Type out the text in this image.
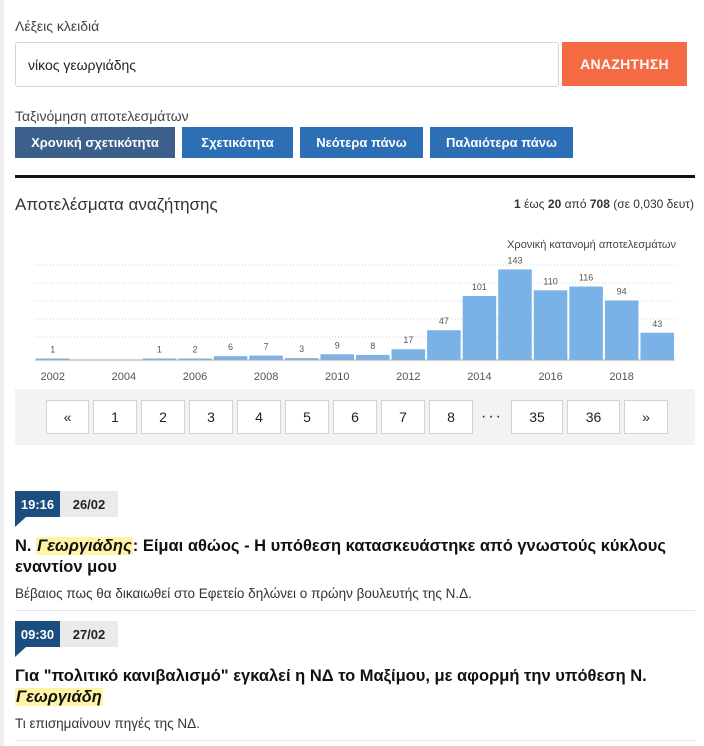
Λέξεις κλειδιά
νίκος γεωργιάδης
ΑΝΑΖΗΤΗΣΗ
Ταξινόμηση αποτελεσμάτων
Χρονική σχετικότητα	Σχετικότητα	Νεότερα πάνω	Παλαιότερα πάνω
Αποτελέσματα αναζήτησης	1 έως 20 από 708 (σε 0,030 δευτ)
Χρονική κατανομή αποτελεσμάτων
1	1	2	6	7	3	9	8
17
47
101
143
110 116
94
43
2002	2004	2006	2008	2010	2012	2014	2016	2018
«	1	2	3	4	5	6	7	8	···	35	36	»
19:16	26/02
Ν. Γεωργιάδης: Είμαι αθώος - Η υπόθεση κατασκευάστηκε από γνωστούς κύκλους εναντίον μου
Βέβαιος πως θα δικαιωθεί στο Εφετείο δηλώνει ο πρώην βουλευτής της Ν.Δ.
09:30	27/02
Για "πολιτικό κανιβαλισμό" εγκαλεί η ΝΔ το Μαξίμου, με αφορμή την υπόθεση Ν. Γεωργιάδη
Τι επισημαίνουν πηγές της ΝΔ.
